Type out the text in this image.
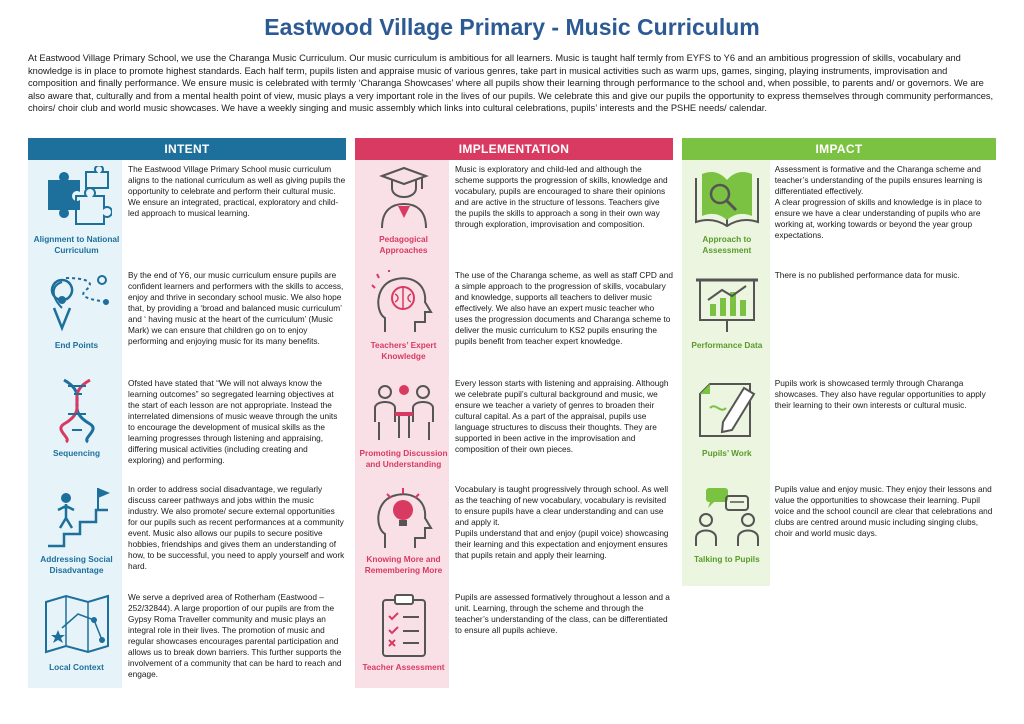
Eastwood Village Primary - Music Curriculum
At Eastwood Village Primary School, we use the Charanga Music Curriculum. Our music curriculum is ambitious for all learners. Music is taught half termly from EYFS to Y6 and an ambitious progression of skills, vocabulary and knowledge is in place to promote highest standards. Each half term, pupils listen and appraise music of various genres, take part in musical activities such as warm ups, games, singing, playing instruments, improvisation and composition and finally performance. We ensure music is celebrated with termly ‘Charanga Showcases’ where all pupils show their learning through performance to the school and, when possible, to parents and/ or governors. We are also aware that, culturally and from a mental health point of view, music plays a very important role in the lives of our pupils. We celebrate this and give our pupils the opportunity to express themselves through community performances, choirs/ choir club and world music showcases. We have a weekly singing and music assembly which links into cultural celebrations, pupils’ interests and the PSHE needs/ calendar.
INTENT
Alignment to National Curriculum
The Eastwood Village Primary School music curriculum aligns to the national curriculum as well as giving pupils the opportunity to celebrate and perform their cultural music. We ensure an integrated, practical, exploratory and child-led approach to musical learning.
End Points
By the end of Y6, our music curriculum ensure pupils are confident learners and performers with the skills to access, enjoy and thrive in secondary school music. We also hope that, by providing a ‘broad and balanced music curriculum’ and ‘ having music at the heart of the curriculum’ (Music Mark) we can ensure that children go on to enjoy performing and enjoying music for its many benefits.
Sequencing
Ofsted have stated that “We will not always know the learning outcomes” so segregated learning objectives at the start of each lesson are not appropriate. Instead the interrelated dimensions of music weave through the units to encourage the development of musical skills as the learning progresses through listening and appraising, differing musical activities (including creating and exploring) and performing.
Addressing Social Disadvantage
In order to address social disadvantage, we regularly discuss career pathways and jobs within the music industry. We also promote/ secure external opportunities for our pupils such as recent performances at a community event. Music also allows our pupils to secure positive hobbies, friendships and gives them an understanding of how, to be successful, you need to apply yourself and work hard.
Local Context
We serve a deprived area of Rotherham (Eastwood – 252/32844). A large proportion of our pupils are from the Gypsy Roma Traveller community and music plays an integral role in their lives. The promotion of music and regular showcases encourages parental participation and allows us to break down barriers. This further supports the involvement of a community that can be hard to reach and engage.
IMPLEMENTATION
Pedagogical Approaches
Music is exploratory and child-led and although the scheme supports the progression of skills, knowledge and vocabulary, pupils are encouraged to share their opinions and are active in the structure of lessons. Teachers give the pupils the skills to approach a song in their own way through exploration, improvisation and composition.
Teachers’ Expert Knowledge
The use of the Charanga scheme, as well as staff CPD and a simple approach to the progression of skills, vocabulary and knowledge, supports all teachers to deliver music effectively. We also have an expert music teacher who uses the progression documents and Charanga scheme to deliver the music curriculum to KS2 pupils ensuring the pupils benefit from teacher expert knowledge.
Promoting Discussion and Understanding
Every lesson starts with listening and appraising. Although we celebrate pupil’s cultural background and music, we ensure we teacher a variety of genres to broaden their cultural capital. As a part of the appraisal, pupils use language structures to discuss their thoughts. They are supported in been active in the improvisation and composition of their own pieces.
Knowing More and Remembering More
Vocabulary is taught progressively through school. As well as the teaching of new vocabulary, vocabulary is revisited to ensure pupils have a clear understanding and can use and apply it.
Pupils understand that and enjoy (pupil voice) showcasing their learning and this expectation and enjoyment ensures that pupils retain and apply their learning.
Teacher Assessment
Pupils are assessed formatively throughout a lesson and a unit. Learning, through the scheme and through the teacher’s understanding of the class, can be differentiated to ensure all pupils achieve.
IMPACT
Approach to Assessment
Assessment is formative and the Charanga scheme and teacher’s understanding of the pupils ensures learning is differentiated effectively.
A clear progression of skills and knowledge is in place to ensure we have a clear understanding of pupils who are working at, working towards or beyond the year group expectations.
Performance Data
There is no published performance data for music.
Pupils’ Work
Pupils work is showcased termly through Charanga showcases. They also have regular opportunities to apply their learning to their own interests or cultural music.
Talking to Pupils
Pupils value and enjoy music. They enjoy their lessons and value the opportunities to showcase their learning. Pupil voice and the school council are clear that celebrations and clubs are centred around music including singing clubs, choir and world music days.
